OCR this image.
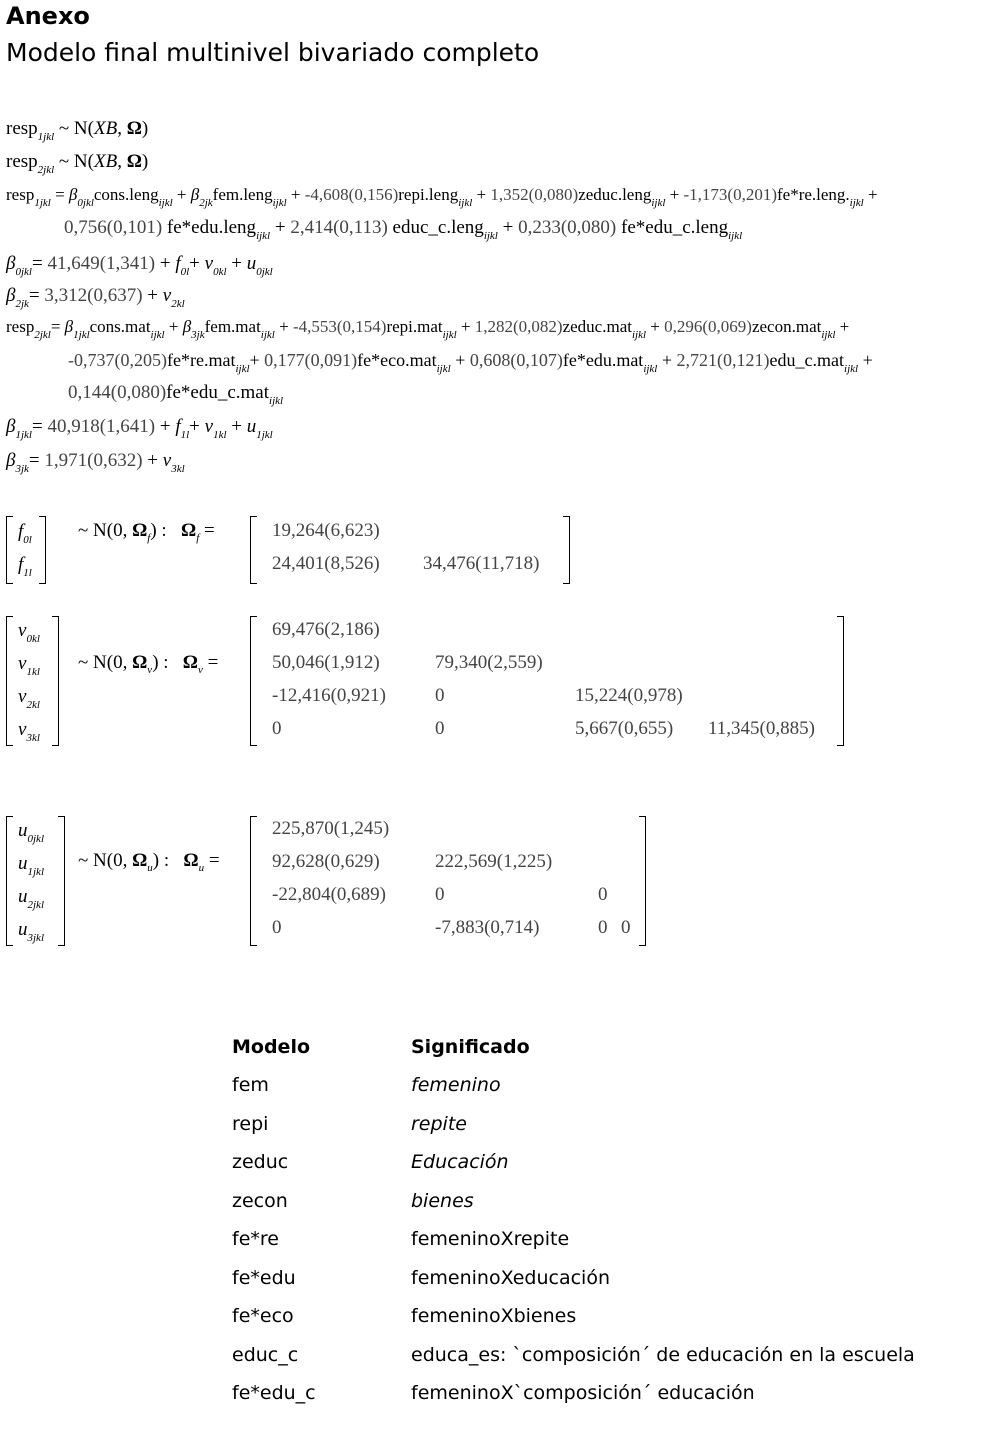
Anexo
Modelo final multinivel bivariado completo
resp$_{1jkl}$ ~ N(XB, Ω)
resp$_{2jkl}$ ~ N(XB, Ω)
resp$_{1jkl}$ = $\beta_{0jkl}cons.leng_{ijkl}$ + $\beta_{2jk}fem.leng_{ijkl}$ + -4,608(0,156)repi.leng$_{ijkl}$ + 1,352(0,080)zeduc.leng$_{ijkl}$ + $-1,173(0,201)fe*re.leng._{ijkl}$ +
0,756(0,101) fe*edu.leng$_{ijkl}$ + 2,414(0,113) educ_c.leng$_{ijkl}$ + 0,233(0,080) fe*edu_c.leng$_{ijkl}$
$\beta_{0jkl}= 41,649(1,341) + f_{0l}+ v_{0kl} + u_{0jkl}$
$\beta_{2jk}= 3,312(0,637) + v_{2kl}$
resp$_{2jkl}$= $\beta_{1jkl}cons.mat_{ijkl} + \beta_{3jk}fem.mat_{ijkl}$ + -4,553(0,154)repi.mat$_{ijkl}$ + 1,282(0,082)zeduc.mat$_{ijkl}$ + 0,296(0,069)zecon.mat$_{ijkl}$ +
-0,737(0,205)fe*re.mat$_{ijkl}$+ 0,177(0,091)fe*eco.mat$_{ijkl}$ + 0,608(0,107)fe*edu.mat$_{ijkl}$ + 2,721(0,121)edu_c.mat$_{ijkl}$ +
0,144(0,080)fe*edu_c.mat$_{ijkl}$
$\beta_{1jkl}= 40,918(1,641) + f_{1l}+ v_{1kl} + u_{1jkl}$
$\beta_{3jk}= 1,971(0,632) + v_{3kl}$
$f_{0l}$
$f_{1l}$
~ N(0, $\Omega_f$) :   $\Omega_f$ =	19,264(6,623)
24,401(8,526) 34,476(11,718)
$v_{0kl}$
$v_{1kl}$
$v_{2kl}$
$v_{3kl}$
~ N(0, $\Omega_v$) :   $\Omega_v$ =
69,476(2,186)
50,046(1,912)	79,340(2,559)
-12,416(0,921)	0	15,224(0,978)
0	0	5,667(0,655) 11,345(0,885)
$u_{0jkl}$
$u_{1jkl}$
$u_{2jkl}$
$u_{3jkl}$
~ N(0, $\Omega_u$) :   $\Omega_u$ =
225,870(1,245)
92,628(0,629)	222,569(1,225)
-22,804(0,689)	0	0
0	-7,883(0,714)	0 0
Modelo	Significado
fem	femenino
repi	repite
zeduc	Educación
zecon	bienes
fe*re	femeninoXrepite
fe*edu	femeninoXeducación
fe*eco	femeninoXbienes
educ_c	educa_es: `composición´ de educación en la escuela
fe*edu_c	femeninoX`composición´ educación
